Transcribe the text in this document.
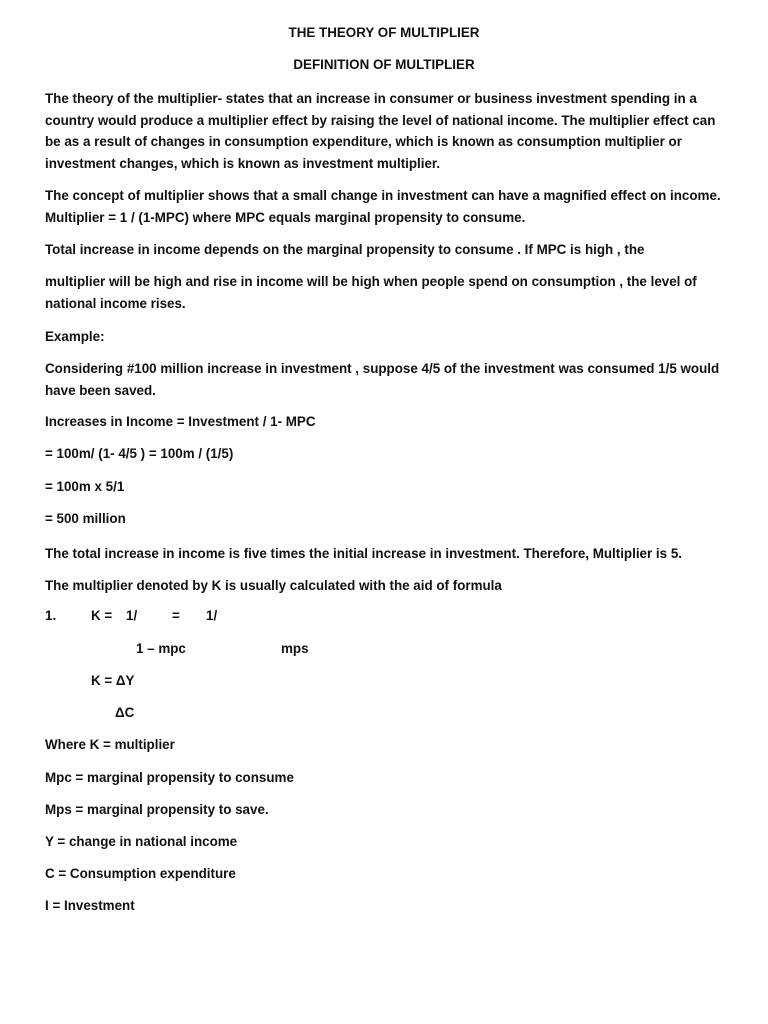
THE THEORY OF MULTIPLIER
DEFINITION OF MULTIPLIER
The theory of the multiplier- states that an increase in consumer or business investment spending in a country would produce a multiplier effect by raising the level of national income. The multiplier effect can be as a result of changes in consumption expenditure, which is known as consumption multiplier or investment changes, which is known as investment multiplier.
The concept of multiplier shows that a small change in investment can have a magnified effect on income. Multiplier = 1 / (1-MPC) where MPC equals marginal propensity to consume.
Total increase in income depends on the marginal propensity to consume . If MPC is high , the
multiplier will be high and rise in income will be high when people spend on consumption , the level of national income rises.
Example:
Considering #100 million increase in investment , suppose 4/5 of the investment was consumed 1/5 would have been saved.
Increases in Income = Investment / 1- MPC
= 100m/ (1- 4/5 ) = 100m / (1/5)
= 100m x 5/1
= 500 million
The total increase in income is five times the initial increase in investment. Therefore, Multiplier is 5.
The multiplier denoted by K is usually calculated with the aid of formula
1.	K = 1/	= 1/
1 – mpc	mps
K = ΔY
ΔC
Where K = multiplier
Mpc = marginal propensity to consume
Mps = marginal propensity to save.
Y = change in national income
C = Consumption expenditure
I = Investment
